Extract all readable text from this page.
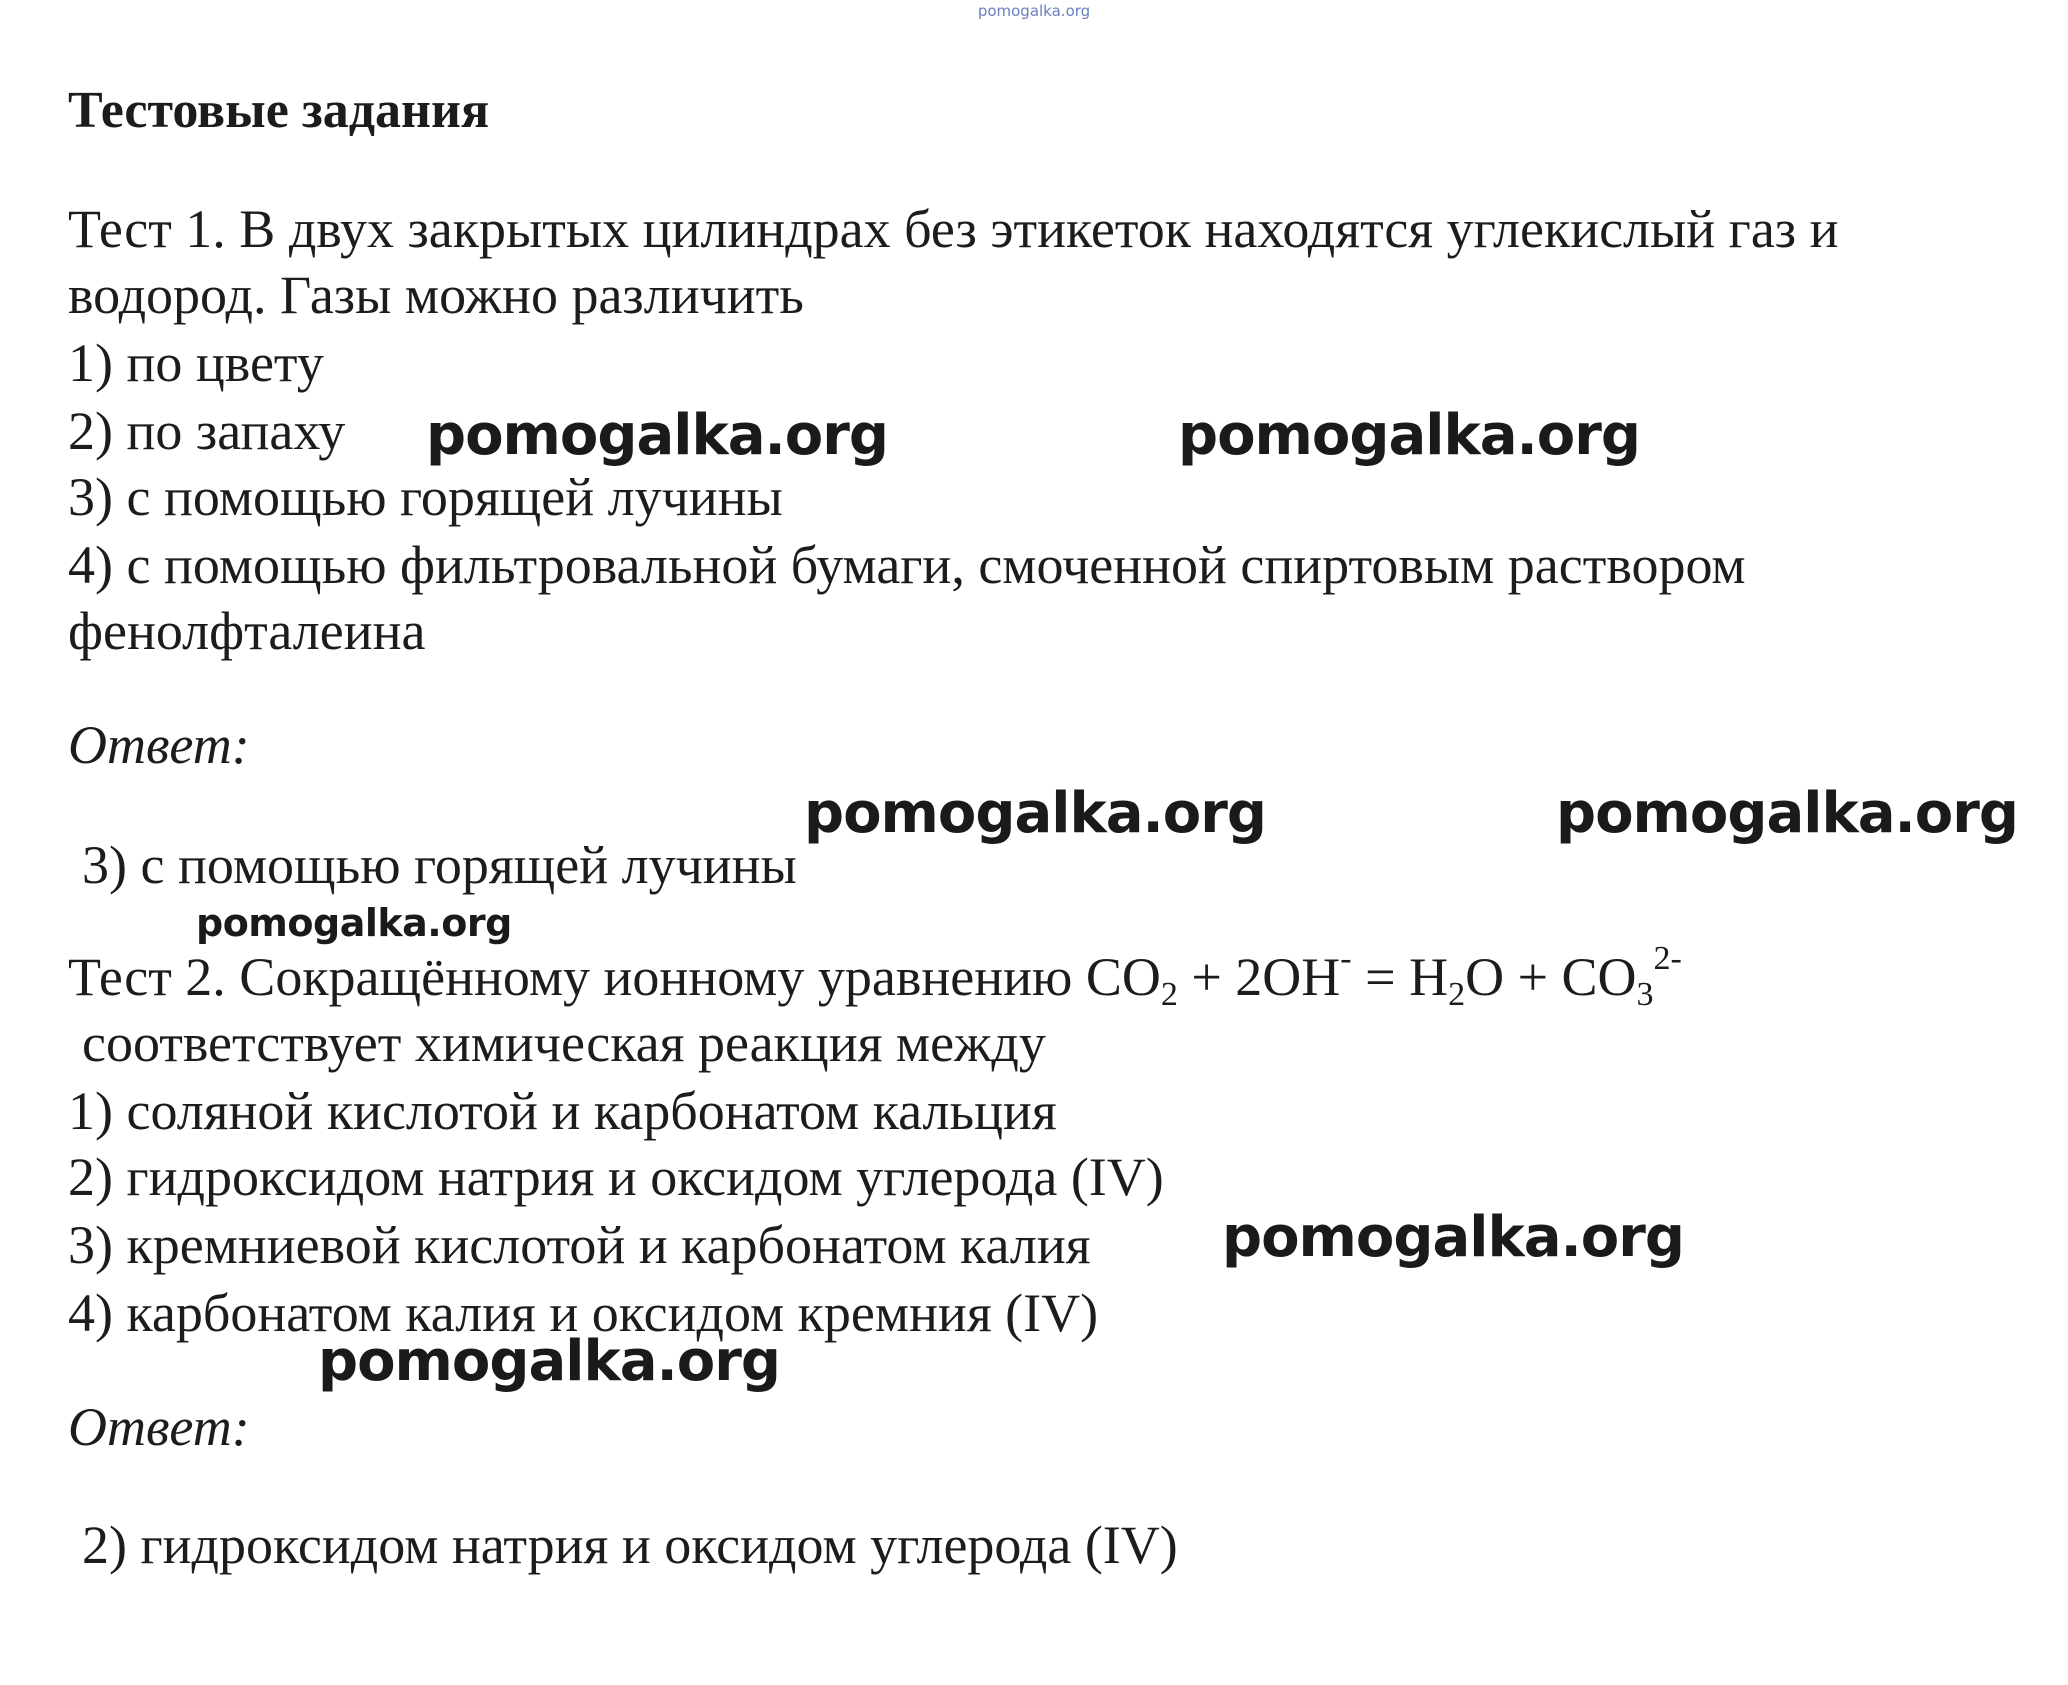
pomogalka.org
Тестовые задания
Тест 1. В двух закрытых цилиндрах без этикеток находятся углекислый газ и
водород. Газы можно различить
1) по цвету
2) по запаху
3) с помощью горящей лучины
4) с помощью фильтровальной бумаги, смоченной спиртовым раствором
фенолфталеина
Ответ:
3) с помощью горящей лучины
Тест 2. Сокращённому ионному уравнению $CO_2 + 2OH^- = H_2O + CO_3^{2-}$
соответствует химическая реакция между
1) соляной кислотой и карбонатом кальция
2) гидроксидом натрия и оксидом углерода (IV)
3) кремниевой кислотой и карбонатом калия
4) карбонатом калия и оксидом кремния (IV)
Ответ:
2) гидроксидом натрия и оксидом углерода (IV)
pomogalka.org	pomogalka.org
pomogalka.org	pomogalka.org
pomogalka.org
pomogalka.org
pomogalka.org
